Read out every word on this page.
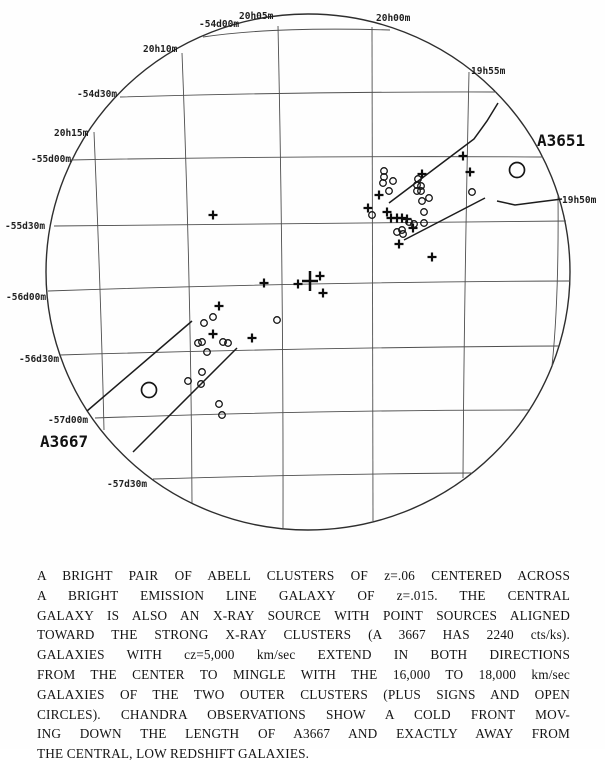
20h15m
20h10m
20h05m	20h00m
19h55m
19h50m
-54d00m
-54d30m
-55d00m
-55d30m
-56d00m
-56d30m
-57d00m
-57d30m
A3651
A3667
A BRIGHT PAIR OF ABELL CLUSTERS OF z=.06 CENTERED ACROSS
A BRIGHT EMISSION LINE GALAXY OF z=.015. THE CENTRAL
GALAXY IS ALSO AN X-RAY SOURCE WITH POINT SOURCES ALIGNED
TOWARD THE STRONG X-RAY CLUSTERS (A 3667 HAS 2240 cts/ks).
GALAXIES WITH cz=5,000 km/sec EXTEND IN BOTH DIRECTIONS
FROM THE CENTER TO MINGLE WITH THE 16,000 TO 18,000 km/sec
GALAXIES OF THE TWO OUTER CLUSTERS (PLUS SIGNS AND OPEN
CIRCLES). CHANDRA OBSERVATIONS SHOW A COLD FRONT MOV-
ING DOWN THE LENGTH OF A3667 AND EXACTLY AWAY FROM
THE CENTRAL, LOW REDSHIFT GALAXIES.
